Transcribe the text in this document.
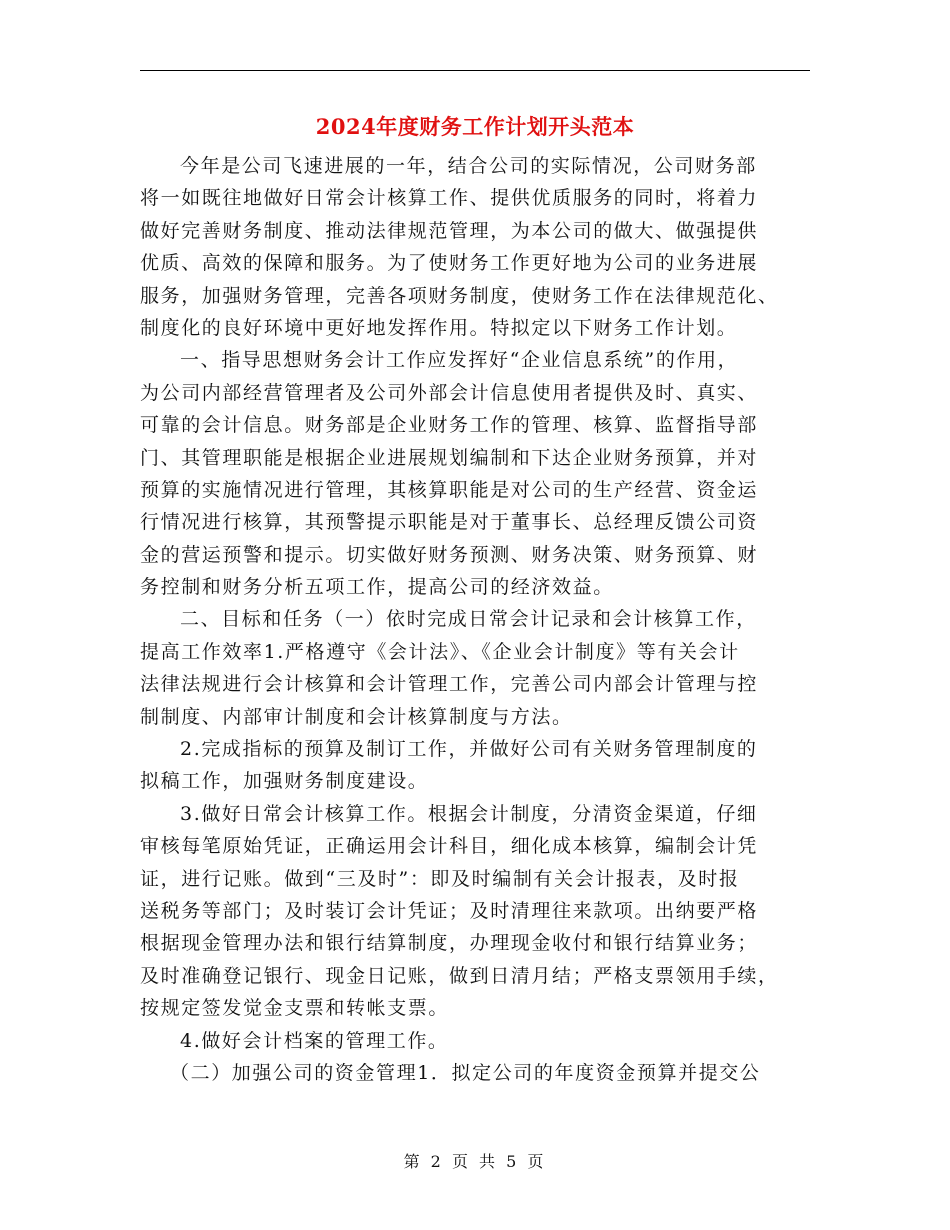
2024年度财务工作计划开头范本
今年是公司飞速进展的一年，结合公司的实际情况，公司财务部
将一如既往地做好日常会计核算工作、提供优质服务的同时，将着力
做好完善财务制度、推动法律规范管理，为本公司的做大、做强提供
优质、高效的保障和服务。为了使财务工作更好地为公司的业务进展
服务，加强财务管理，完善各项财务制度，使财务工作在法律规范化、
制度化的良好环境中更好地发挥作用。特拟定以下财务工作计划。
一、指导思想财务会计工作应发挥好“企业信息系统”的作用，
为公司内部经营管理者及公司外部会计信息使用者提供及时、真实、
可靠的会计信息。财务部是企业财务工作的管理、核算、监督指导部
门、其管理职能是根据企业进展规划编制和下达企业财务预算，并对
预算的实施情况进行管理，其核算职能是对公司的生产经营、资金运
行情况进行核算，其预警提示职能是对于董事长、总经理反馈公司资
金的营运预警和提示。切实做好财务预测、财务决策、财务预算、财
务控制和财务分析五项工作，提高公司的经济效益。
二、目标和任务（一）依时完成日常会计记录和会计核算工作，
提高工作效率1.严格遵守《会计法》、《企业会计制度》等有关会计
法律法规进行会计核算和会计管理工作，完善公司内部会计管理与控
制制度、内部审计制度和会计核算制度与方法。
2.完成指标的预算及制订工作，并做好公司有关财务管理制度的
拟稿工作，加强财务制度建设。
3.做好日常会计核算工作。根据会计制度，分清资金渠道，仔细
审核每笔原始凭证，正确运用会计科目，细化成本核算，编制会计凭
证，进行记账。做到“三及时”：即及时编制有关会计报表，及时报
送税务等部门；及时装订会计凭证；及时清理往来款项。出纳要严格
根据现金管理办法和银行结算制度，办理现金收付和银行结算业务；
及时准确登记银行、现金日记账，做到日清月结；严格支票领用手续，
按规定签发觉金支票和转帐支票。
4.做好会计档案的管理工作。
（二）加强公司的资金管理1．拟定公司的年度资金预算并提交公
第 2 页 共 5 页
